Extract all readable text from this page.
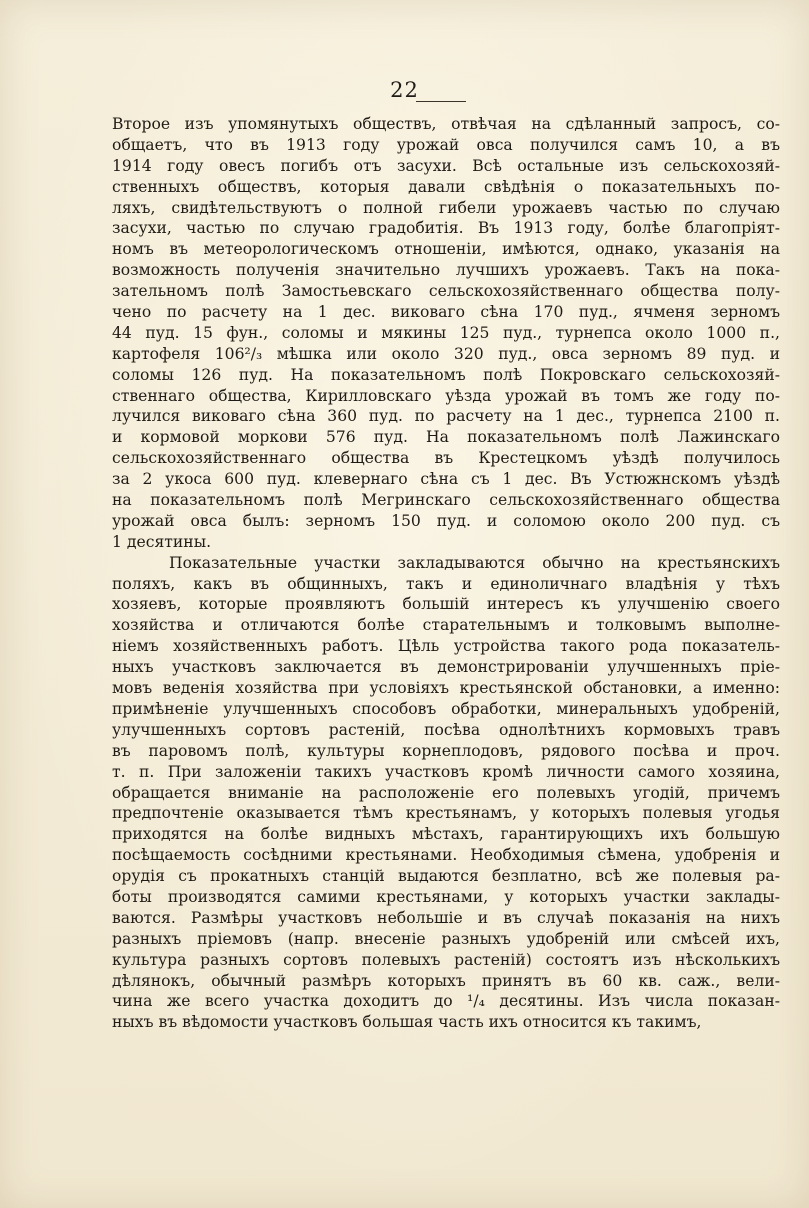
22
Второе изъ упомянутыхъ обществъ, отвѣчая на сдѣланный запросъ, со-
общаетъ, что въ 1913 году урожай овса получился самъ 10, а въ
1914 году овесъ погибъ отъ засухи. Всѣ остальные изъ сельскохозяй-
ственныхъ обществъ, которыя давали свѣдѣнія о показательныхъ по-
ляхъ, свидѣтельствуютъ о полной гибели урожаевъ частью по случаю
засухи, частью по случаю градобитія. Въ 1913 году, болѣе благопріят-
номъ въ метеорологическомъ отношеніи, имѣются, однако, указанія на
возможность полученія значительно лучшихъ урожаевъ. Такъ на пока-
зательномъ полѣ Замостьевскаго сельскохозяйственнаго общества полу-
чено по расчету на 1 дес. виковаго сѣна 170 пуд., ячменя зерномъ
44 пуд. 15 фун., соломы и мякины 125 пуд., турнепса около 1000 п.,
картофеля 106²/₃ мѣшка или около 320 пуд., овса зерномъ 89 пуд. и
соломы 126 пуд. На показательномъ полѣ Покровскаго сельскохозяй-
ственнаго общества, Кирилловскаго уѣзда урожай въ томъ же году по-
лучился виковаго сѣна 360 пуд. по расчету на 1 дес., турнепса 2100 п.
и кормовой моркови 576 пуд. На показательномъ полѣ Лажинскаго
сельскохозяйственнаго общества въ Крестецкомъ уѣздѣ получилось
за 2 укоса 600 пуд. клевернаго сѣна съ 1 дес. Въ Устюжнскомъ уѣздѣ
на показательномъ полѣ Мегринскаго сельскохозяйственнаго общества
урожай овса былъ: зерномъ 150 пуд. и соломою около 200 пуд. съ
1 десятины.
Показательные участки закладываются обычно на крестьянскихъ
поляхъ, какъ въ общинныхъ, такъ и единоличнаго владѣнія у тѣхъ
хозяевъ, которые проявляютъ большій интересъ къ улучшенію своего
хозяйства и отличаются болѣе старательнымъ и толковымъ выполне-
ніемъ хозяйственныхъ работъ. Цѣль устройства такого рода показатель-
ныхъ участковъ заключается въ демонстрированіи улучшенныхъ пріе-
мовъ веденія хозяйства при условіяхъ крестьянской обстановки, а именно:
примѣненіе улучшенныхъ способовъ обработки, минеральныхъ удобреній,
улучшенныхъ сортовъ растеній, посѣва однолѣтнихъ кормовыхъ травъ
въ паровомъ полѣ, культуры корнеплодовъ, рядового посѣва и проч.
т. п. При заложеніи такихъ участковъ кромѣ личности самого хозяина,
обращается вниманіе на расположеніе его полевыхъ угодій, причемъ
предпочтеніе оказывается тѣмъ крестьянамъ, у которыхъ полевыя угодья
приходятся на болѣе видныхъ мѣстахъ, гарантирующихъ ихъ большую
посѣщаемость сосѣдними крестьянами. Необходимыя сѣмена, удобренія и
орудія съ прокатныхъ станцій выдаются безплатно, всѣ же полевыя ра-
боты производятся самими крестьянами, у которыхъ участки заклады-
ваются. Размѣры участковъ небольшіе и въ случаѣ показанія на нихъ
разныхъ пріемовъ (напр. внесеніе разныхъ удобреній или смѣсей ихъ,
культура разныхъ сортовъ полевыхъ растеній) состоятъ изъ нѣсколькихъ
дѣлянокъ, обычный размѣръ которыхъ принятъ въ 60 кв. саж., вели-
чина же всего участка доходитъ до ¹/₄ десятины. Изъ числа показан-
ныхъ въ вѣдомости участковъ большая часть ихъ относится къ такимъ,
